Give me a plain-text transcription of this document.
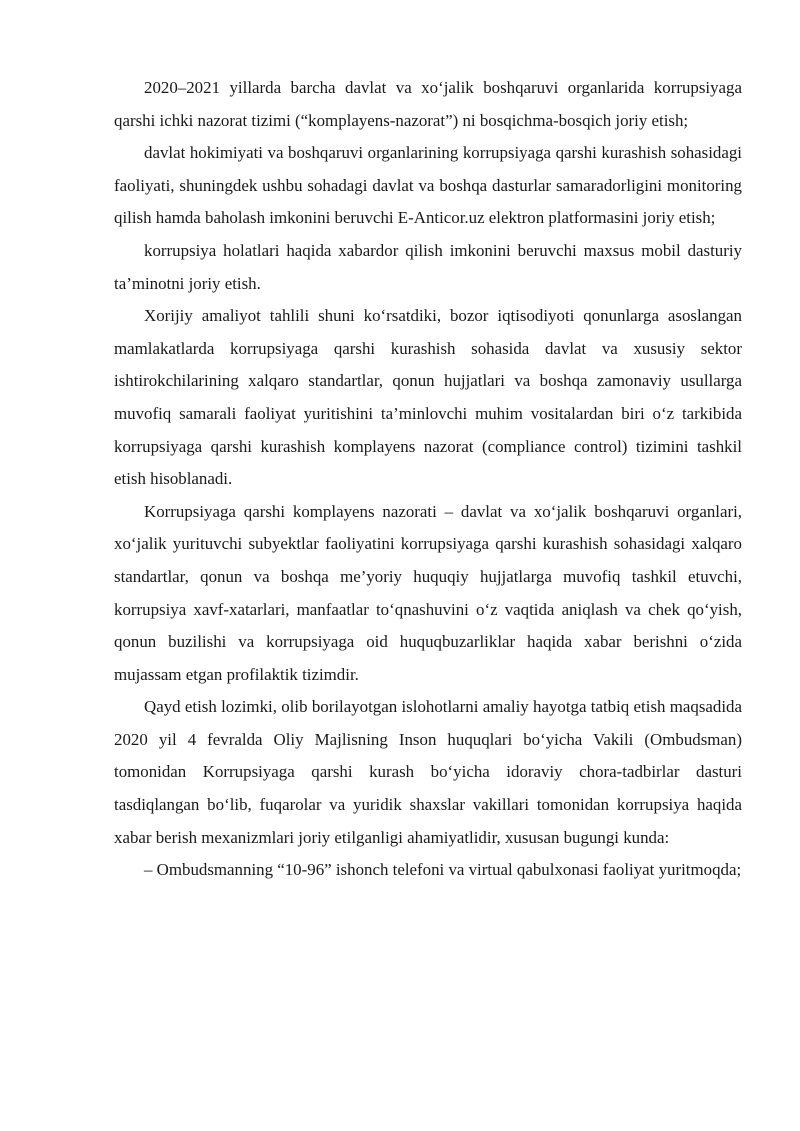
2020–2021 yillarda barcha davlat va xo‘jalik boshqaruvi organlarida korrupsiyaga qarshi ichki nazorat tizimi (“komplayens-nazorat”) ni bosqichma-bosqich joriy etish;

davlat hokimiyati va boshqaruvi organlarining korrupsiyaga qarshi kurashish sohasidagi faoliyati, shuningdek ushbu sohadagi davlat va boshqa dasturlar samaradorligini monitoring qilish hamda baholash imkonini beruvchi E-Anticor.uz elektron platformasini joriy etish;

korrupsiya holatlari haqida xabardor qilish imkonini beruvchi maxsus mobil dasturiy ta’minotni joriy etish.

Xorijiy amaliyot tahlili shuni ko‘rsatdiki, bozor iqtisodiyoti qonunlarga asoslangan mamlakatlarda korrupsiyaga qarshi kurashish sohasida davlat va xususiy sektor ishtirokchilarining xalqaro standartlar, qonun hujjatlari va boshqa zamonaviy usullarga muvofiq samarali faoliyat yuritishini ta’minlovchi muhim vositalardan biri o‘z tarkibida korrupsiyaga qarshi kurashish komplayens nazorat (compliance control) tizimini tashkil etish hisoblanadi.

Korrupsiyaga qarshi komplayens nazorati – davlat va xo‘jalik boshqaruvi organlari, xo‘jalik yurituvchi subyektlar faoliyatini korrupsiyaga qarshi kurashish sohasidagi xalqaro standartlar, qonun va boshqa me’yoriy huquqiy hujjatlarga muvofiq tashkil etuvchi, korrupsiya xavf-xatarlari, manfaatlar to‘qnashuvini o‘z vaqtida aniqlash va chek qo‘yish, qonun buzilishi va korrupsiyaga oid huquqbuzarliklar haqida xabar berishni o‘zida mujassam etgan profilaktik tizimdir.

Qayd etish lozimki, olib borilayotgan islohotlarni amaliy hayotga tatbiq etish maqsadida 2020 yil 4 fevralda Oliy Majlisning Inson huquqlari bo‘yicha Vakili (Ombudsman) tomonidan Korrupsiyaga qarshi kurash bo‘yicha idoraviy chora-tadbirlar dasturi tasdiqlangan bo‘lib, fuqarolar va yuridik shaxslar vakillari tomonidan korrupsiya haqida xabar berish mexanizmlari joriy etilganligi ahamiyatlidir, xususan bugungi kunda:

– Ombudsmanning “10-96” ishonch telefoni va virtual qabulxonasi faoliyat yuritmoqda;
